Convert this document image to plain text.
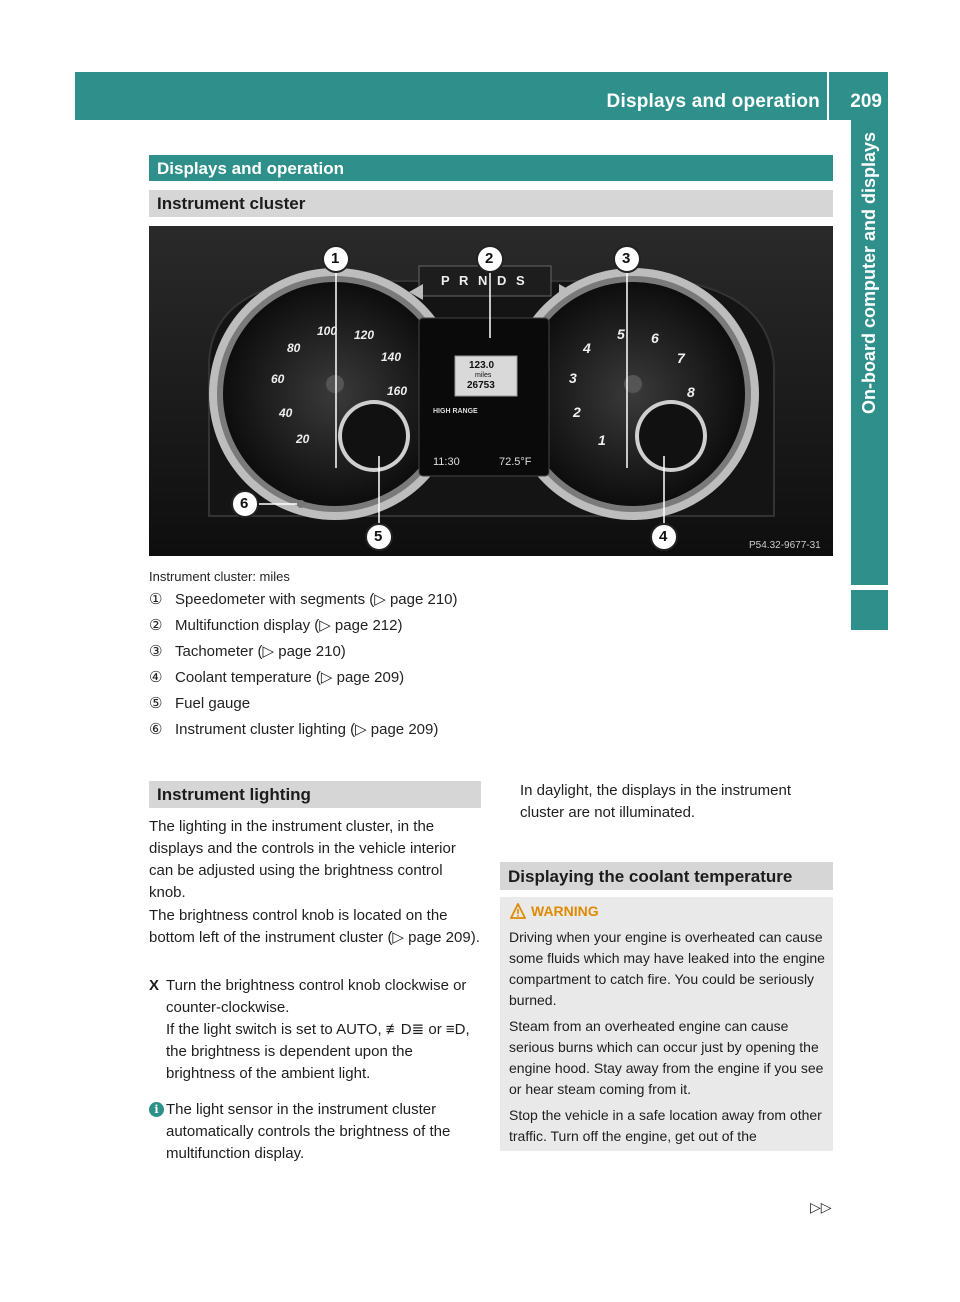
Displays and operation 209
On-board computer and displays
Displays and operation
Instrument cluster
1	2	3
4
5
6
P R N D S
123.0
miles
26753
HIGH RANGE
11:30	72.5°F
P54.32-9677-31
20
40
60
80
100 120
140
160
1
2
3
4
5 6
7
8
Instrument cluster: miles
① Speedometer with segments (▷ page 210)
② Multifunction display (▷ page 212)
③ Tachometer (▷ page 210)
④ Coolant temperature (▷ page 209)
⑤ Fuel gauge
⑥ Instrument cluster lighting (▷ page 209)
Instrument lighting
The lighting in the instrument cluster, in the displays and the controls in the vehicle interior can be adjusted using the brightness control knob.
The brightness control knob is located on the bottom left of the instrument cluster (▷ page 209).
X Turn the brightness control knob clockwise or counter-clockwise.
If the light switch is set to AUTO, ≢D≣ or ≡D, the brightness is dependent upon the brightness of the ambient light.
i The light sensor in the instrument cluster automatically controls the brightness of the multifunction display.
In daylight, the displays in the instrument cluster are not illuminated.
Displaying the coolant temperature
WARNING
Driving when your engine is overheated can cause some fluids which may have leaked into the engine compartment to catch fire. You could be seriously burned.
Steam from an overheated engine can cause serious burns which can occur just by opening the engine hood. Stay away from the engine if you see or hear steam coming from it.
Stop the vehicle in a safe location away from other traffic. Turn off the engine, get out of the
▷▷
